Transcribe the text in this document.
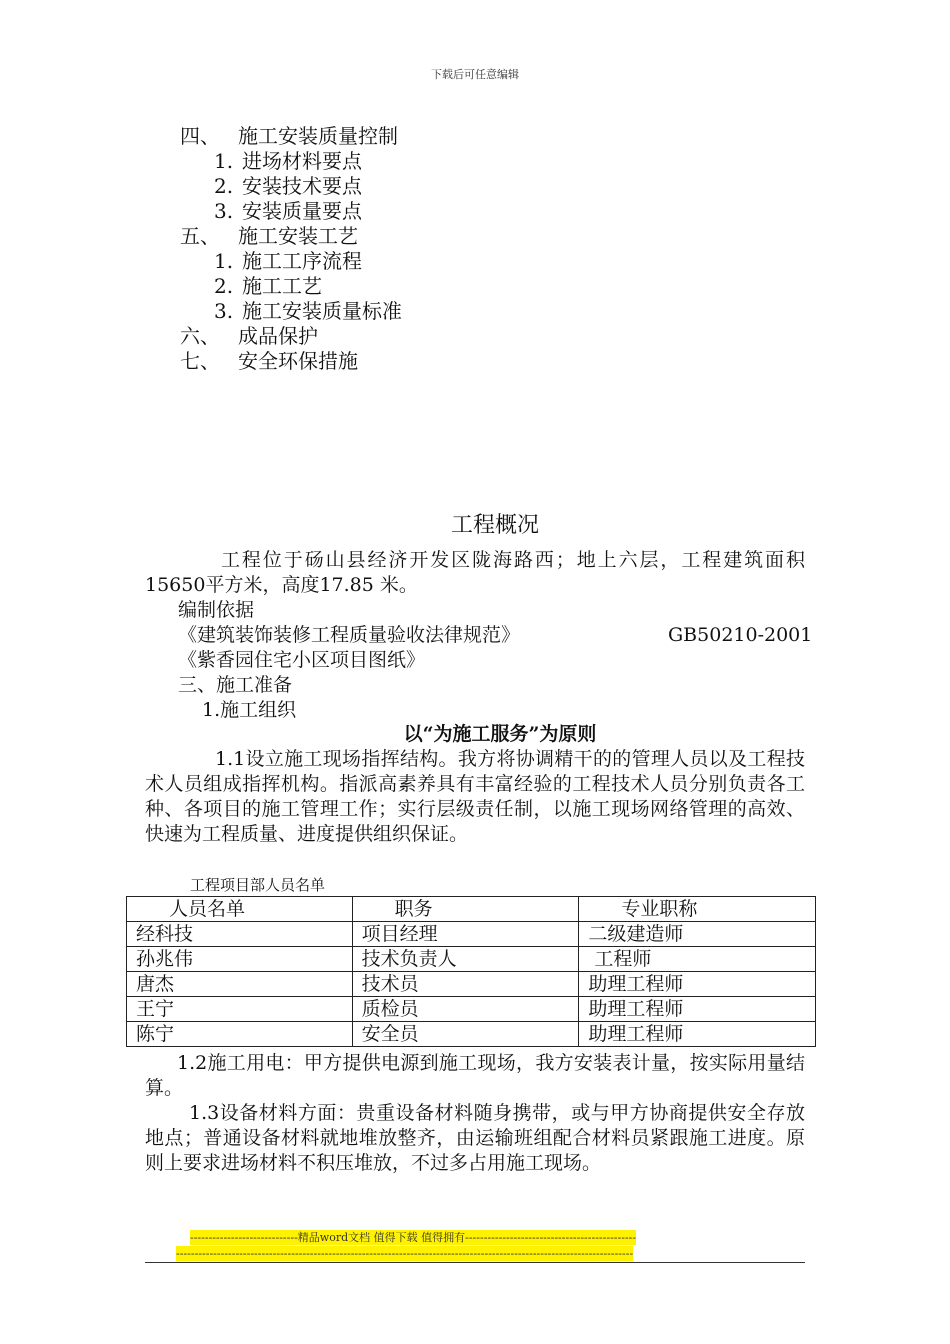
下载后可任意编辑
四、 施工安装质量控制
1. 进场材料要点
2. 安装技术要点
3. 安装质量要点
五、 施工安装工艺
1. 施工工序流程
2. 施工工艺
3. 施工安装质量标准
六、 成品保护
七、 安全环保措施
工程概况
工程位于砀山县经济开发区陇海路西；地上六层，工程建筑面积15650平方米，高度17.85 米。
编制依据
《建筑装饰装修工程质量验收法律规范》	GB50210-2001
《紫香园住宅小区项目图纸》
三、施工准备
1.施工组织
以“为施工服务”为原则
1.1设立施工现场指挥结构。我方将协调精干的的管理人员以及工程技术人员组成指挥机构。指派高素养具有丰富经验的工程技术人员分别负责各工种、各项目的施工管理工作；实行层级责任制，以施工现场网络管理的高效、快速为工程质量、进度提供组织保证。
工程项目部人员名单
人员名单	职务	专业职称
经科技	项目经理	二级建造师
孙兆伟	技术负责人	工程师
唐杰	技术员	助理工程师
王宁	质检员	助理工程师
陈宁	安全员	助理工程师
1.2施工用电：甲方提供电源到施工现场，我方安装表计量，按实际用量结算。
1.3设备材料方面：贵重设备材料随身携带，或与甲方协商提供安全存放地点；普通设备材料就地堆放整齐，由运输班组配合材料员紧跟施工进度。原则上要求进场材料不积压堆放，不过多占用施工现场。
-----------------------------精品word文档 值得下载 值得拥有----------------------------------------------
---------------------------------------------------------------------------------------------------------------------------
